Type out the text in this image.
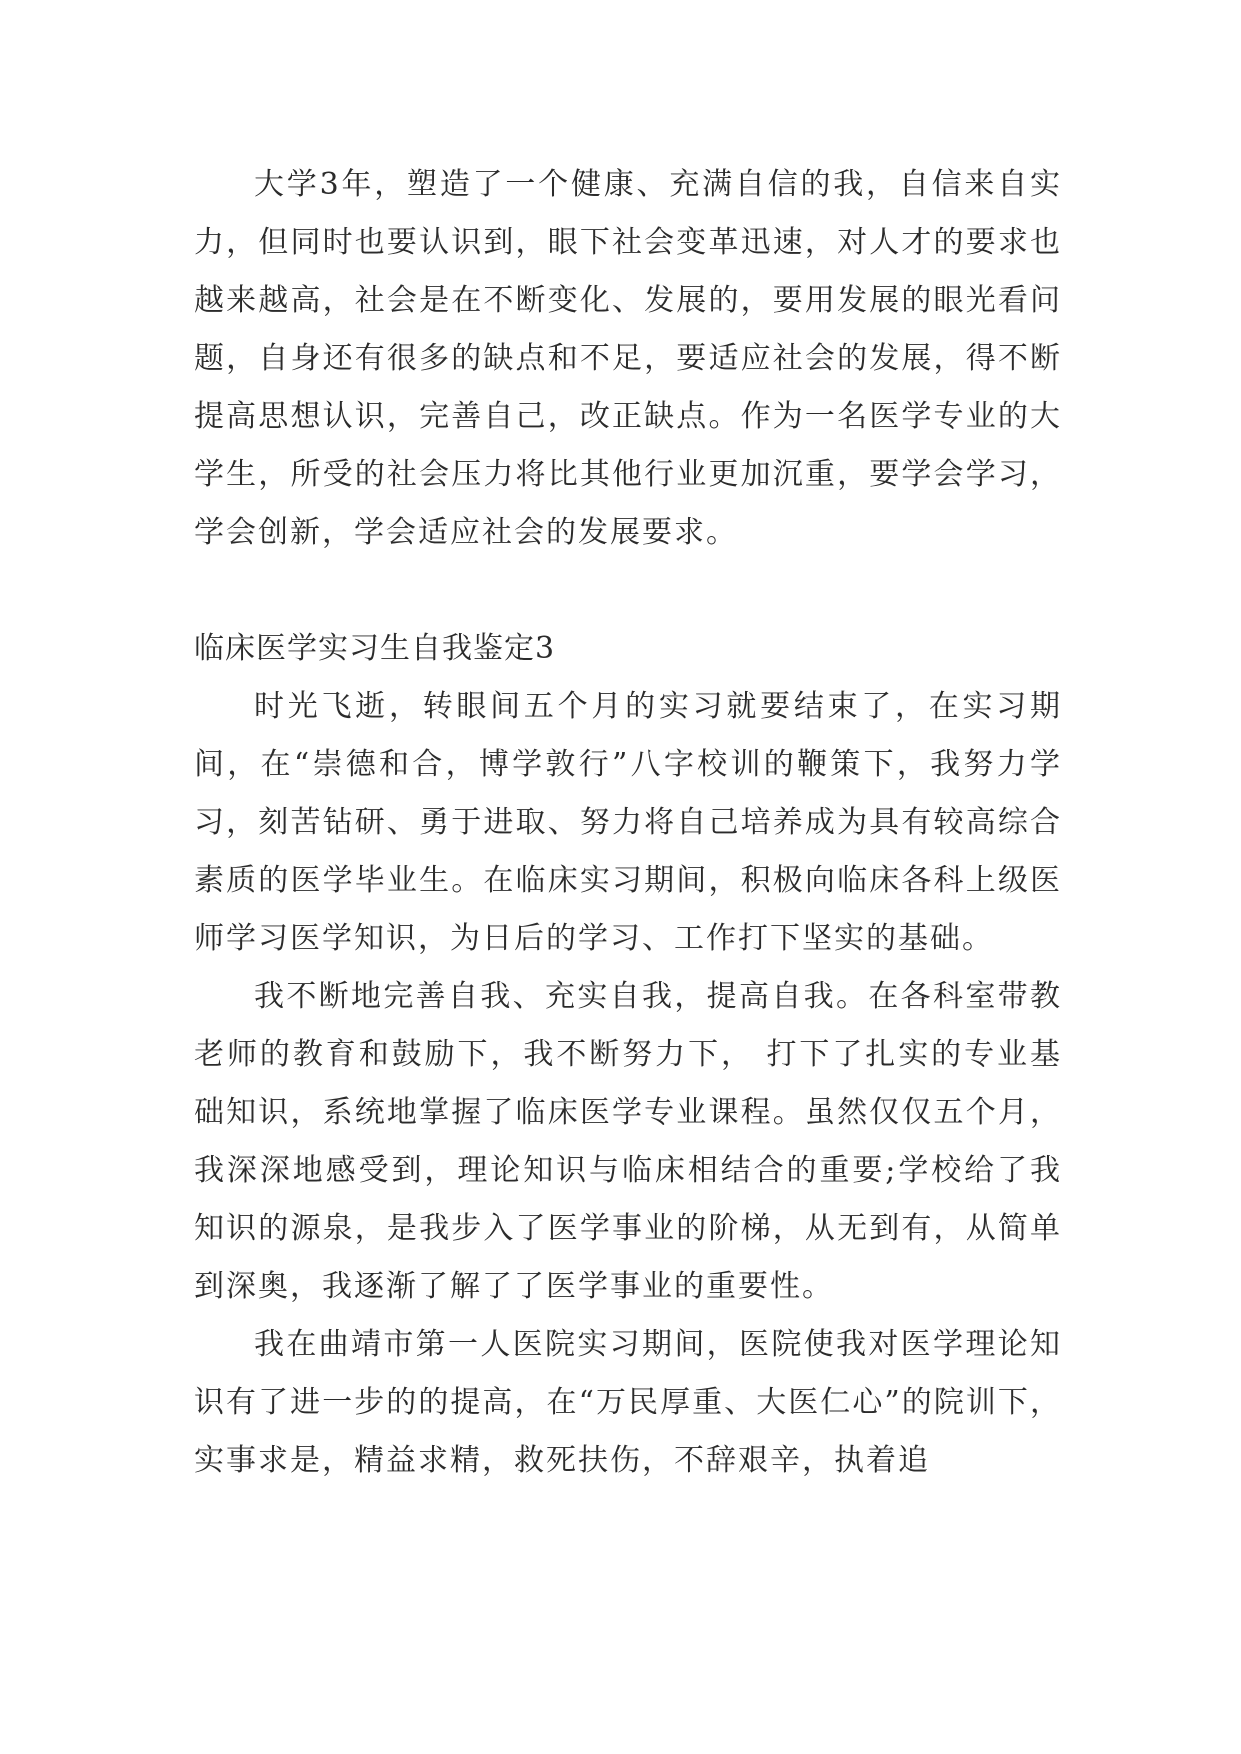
大学3年，塑造了一个健康、充满自信的我，自信来自实力，但同时也要认识到，眼下社会变革迅速，对人才的要求也越来越高，社会是在不断变化、发展的，要用发展的眼光看问题，自身还有很多的缺点和不足，要适应社会的发展，得不断提高思想认识，完善自己，改正缺点。作为一名医学专业的大学生，所受的社会压力将比其他行业更加沉重，要学会学习，学会创新，学会适应社会的发展要求。

临床医学实习生自我鉴定3

时光飞逝，转眼间五个月的实习就要结束了，在实习期间，在“崇德和合，博学敦行”八字校训的鞭策下，我努力学习，刻苦钻研、勇于进取、努力将自己培养成为具有较高综合素质的医学毕业生。在临床实习期间，积极向临床各科上级医师学习医学知识，为日后的学习、工作打下坚实的基础。

我不断地完善自我、充实自我，提高自我。在各科室带教老师的教育和鼓励下，我不断努力下， 打下了扎实的专业基础知识，系统地掌握了临床医学专业课程。虽然仅仅五个月，我深深地感受到，理论知识与临床相结合的重要;学校给了我知识的源泉，是我步入了医学事业的阶梯，从无到有，从简单到深奥，我逐渐了解了了医学事业的重要性。

我在曲靖市第一人医院实习期间，医院使我对医学理论知识有了进一步的的提高，在“万民厚重、大医仁心”的院训下，实事求是，精益求精，救死扶伤，不辞艰辛，执着追
